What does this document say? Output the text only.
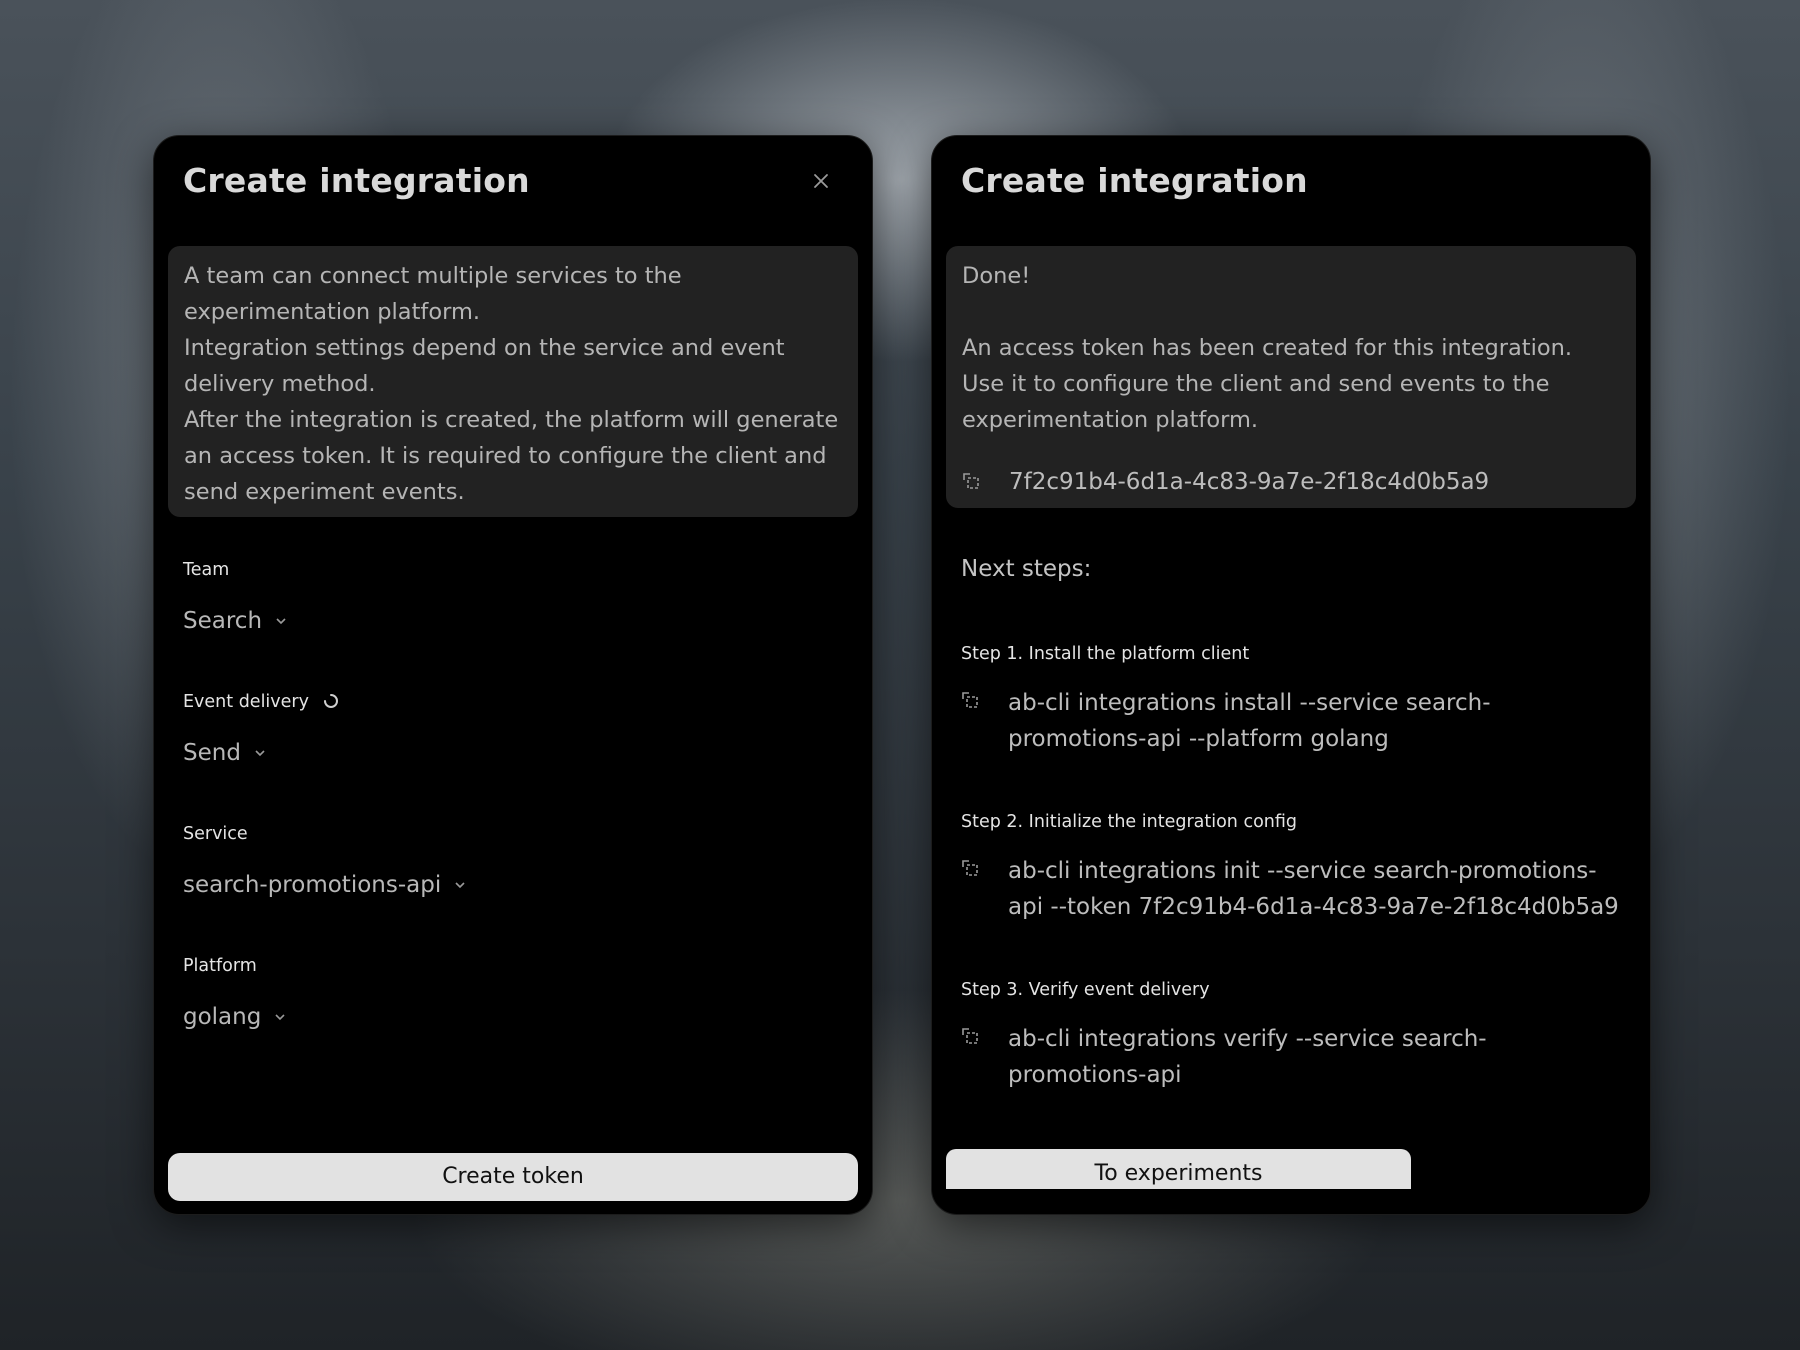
Create integration

A team can connect multiple services to the experimentation platform.

Integration settings depend on the service and event delivery method.

After the integration is created, the platform will generate an access token. It is required to configure the client and send experiment events.

Team
Search
Event delivery
Send
Service
search-promotions-api
Platform
golang
Create token
Create integration

Done!

An access token has been created for this integration. Use it to configure the client and send events to the experimentation platform.

7f2c91b4-6d1a-4c83-9a7e-2f18c4d0b5a9
Next steps:
Step 1. Install the platform client
ab-cli integrations install --service search-promotions-api --platform golang
Step 2. Initialize the integration config
ab-cli integrations init --service search-promotions-api --token 7f2c91b4-6d1a-4c83-9a7e-2f18c4d0b5a9
Step 3. Verify event delivery
ab-cli integrations verify --service search-promotions-api
To experiments
